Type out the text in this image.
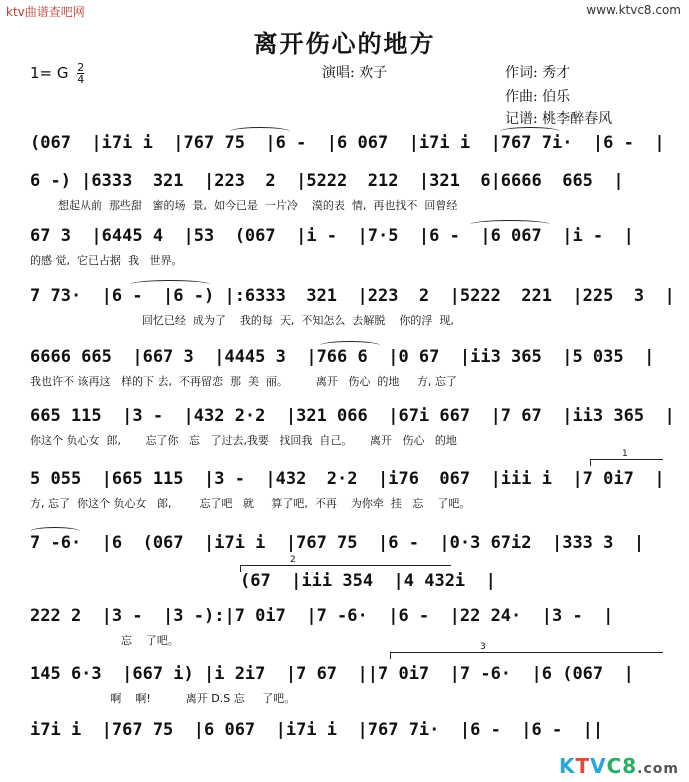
ktv曲谱查吧网	www.ktvc8.com
离开伤心的地方
1= G $\frac{2}{4}$	演唱: 欢子	作词: 秀才
作曲: 伯乐
记谱: 桃李醉春风
(067  |i7i i  |767 75  |6 -  |6 067  |i7i i  |767 7i·  |6 -  |
6 -) |6333  321  |223  2  |5222  212  |321  6|6666  665  |
想起从前  那些甜   蜜的场  景,  如今已是  一片冷    漠的表  情,  再也找不  回曾经
67 3  |6445 4  |53  (067  |i -  |7·5  |6 -  |6 067  |i -  |
的感 觉,  它已占据  我   世界。
7 73·  |6 -  |6 -) |:6333  321  |223  2  |5222  221  |225  3  |
回忆已经  成为了    我的每  天,  不知怎么  去解脱    你的浮  现,
6666 665  |667 3  |4445 3  |766 6  |0 67  |ii3 365  |5 035  |
我也许不 该再这   样的下 去,  不再留恋  那  美  丽。        离开   伤心  的地     方, 忘了
665 115  |3 -  |432 2·2  |321 066  |67i 667  |7 67  |ii3 365  |
你这个 负心女  郎,       忘了你   忘   了过去,我要   找回我  自己。     离开   伤心   的地
5 055  |665 115  |3 -  |432  2·2  |i76  067  |iii i  |7 0i7  |
方, 忘了  你这个 负心女   郎,        忘了吧   就     算了吧,  不再    为你牵  挂   忘    了吧。
1
7 -6·  |6  (067  |i7i i  |767 75  |6 -  |0·3 67i2  |333 3  |
(67  |iii 354  |4 432i  |
2
222 2  |3 -  |3 -):|7 0i7  |7 -6·  |6 -  |22 24·  |3 -  |
忘    了吧。
145 6·3  |667 i) |i 2i7  |7 67  ||7 0i7  |7 -6·  |6 (067  |
啊    啊!          离开 D.S 忘     了吧。
3
i7i i  |767 75  |6 067  |i7i i  |767 7i·  |6 -  |6 -  ||
KTVC8.com
